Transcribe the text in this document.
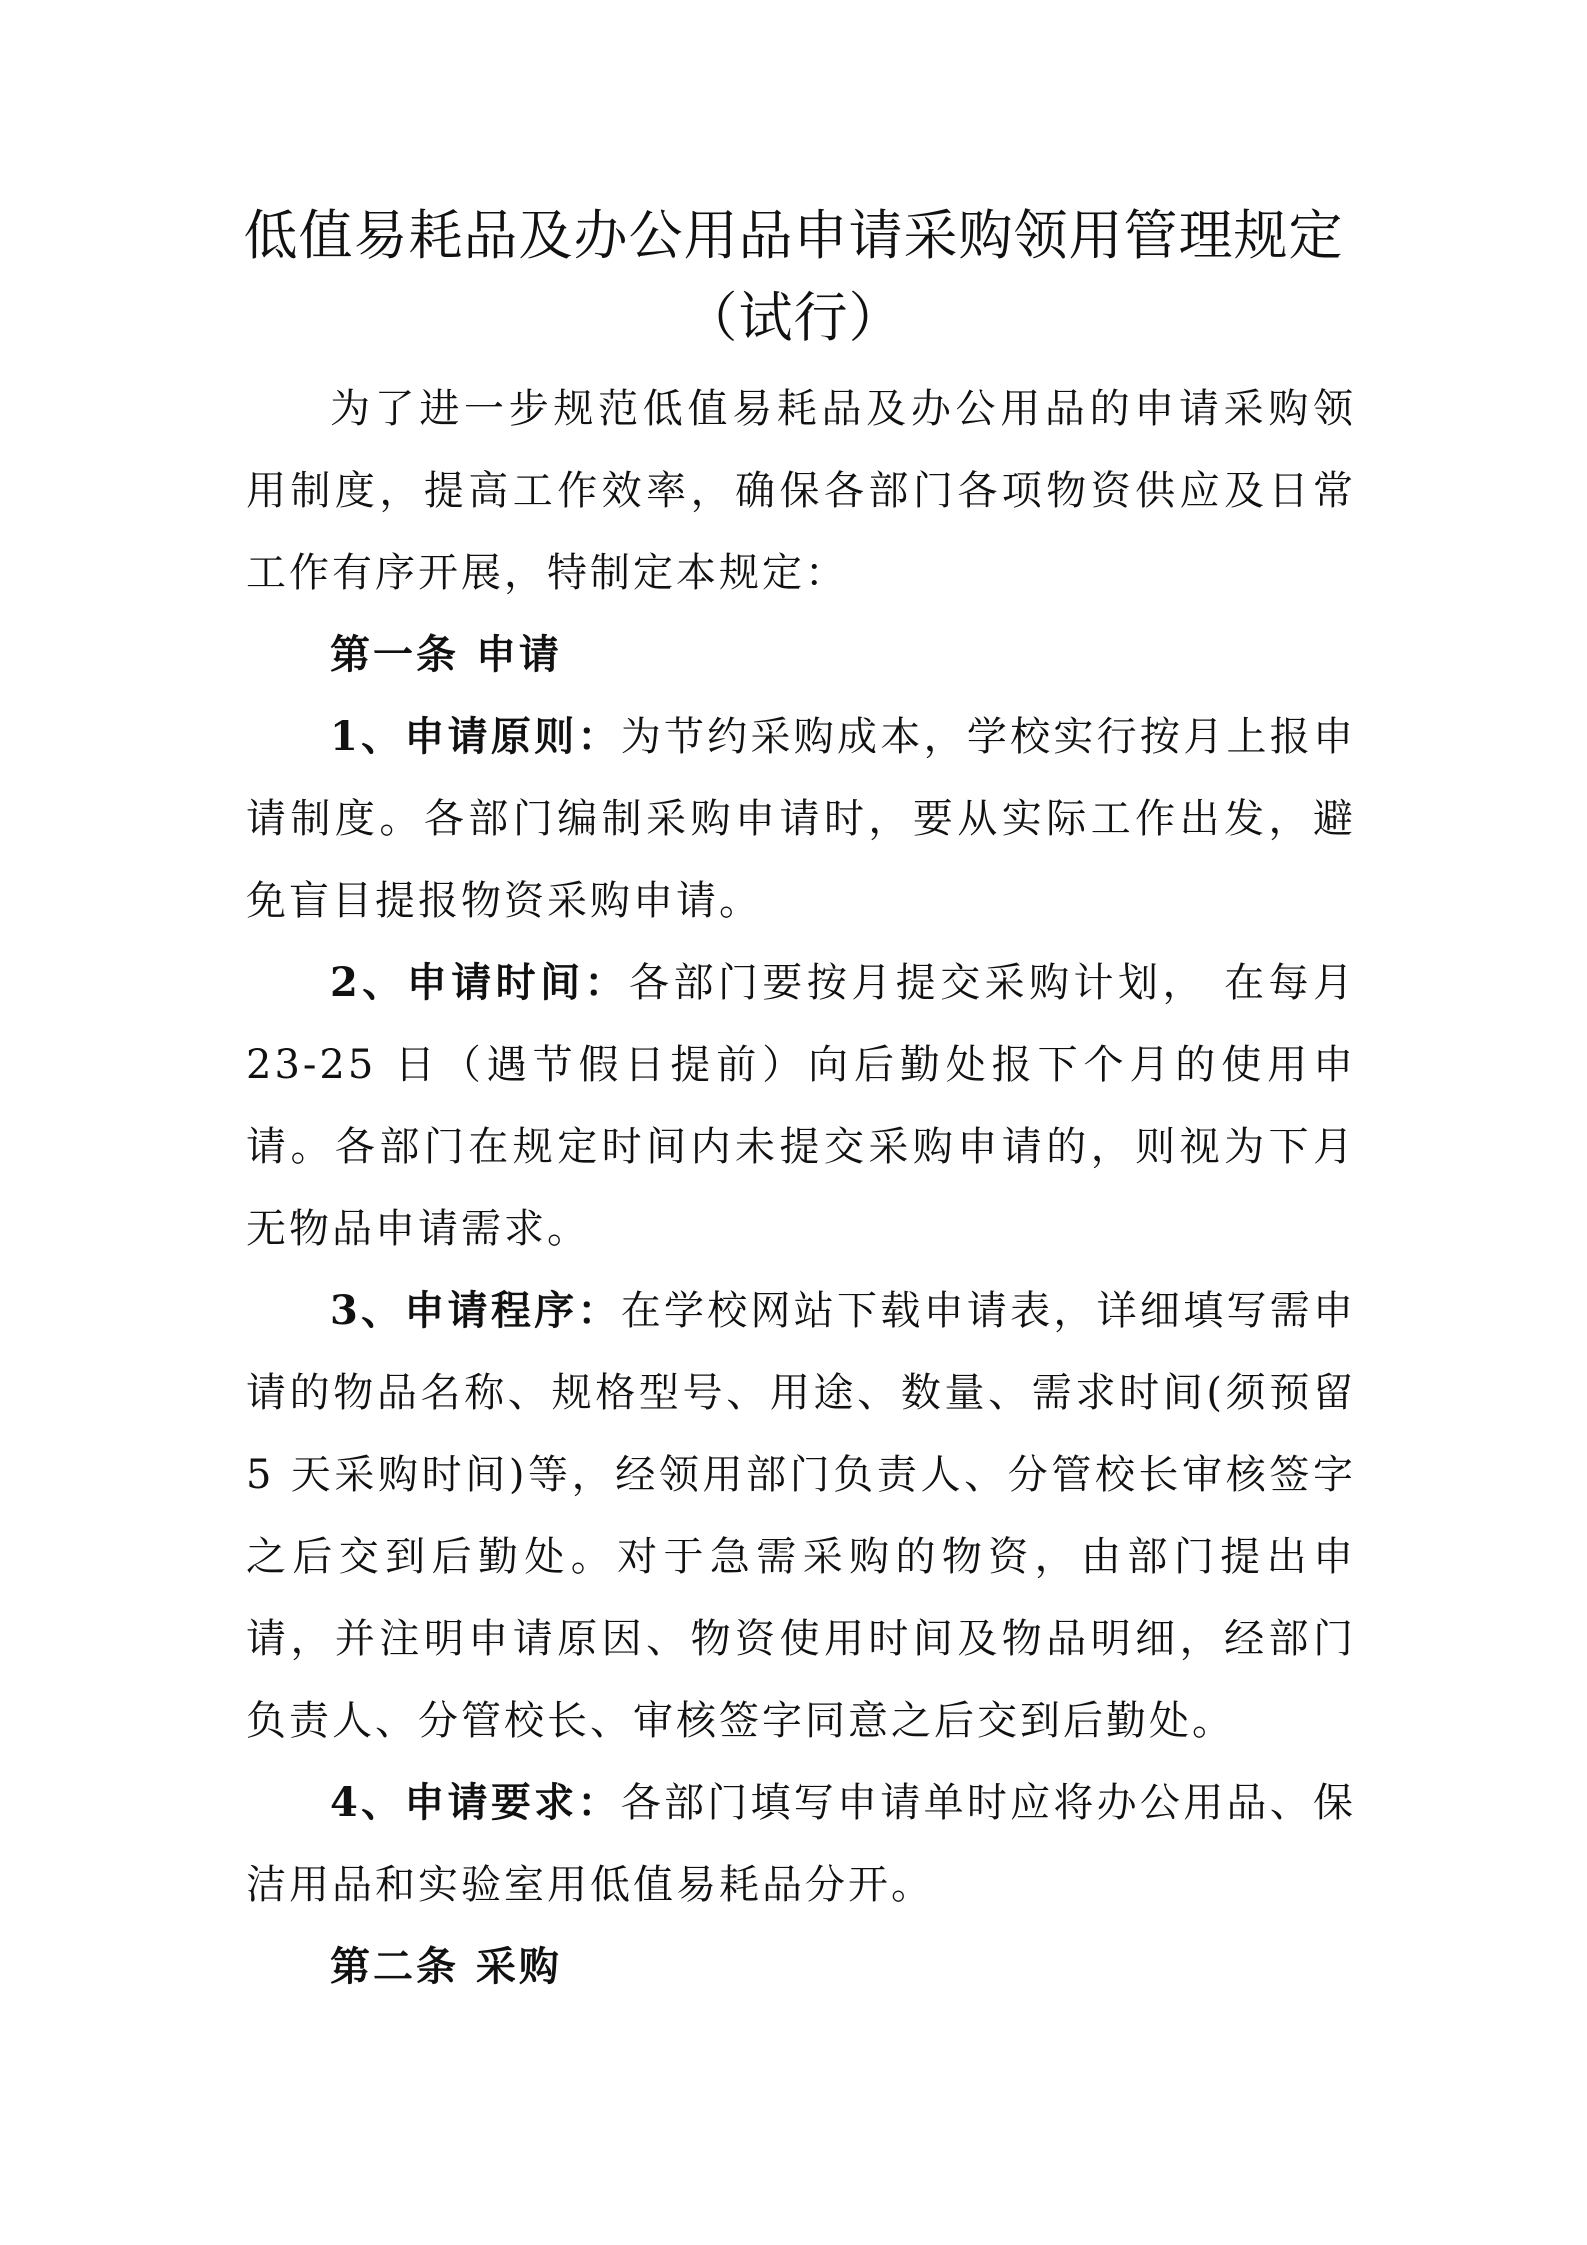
低值易耗品及办公用品申请采购领用管理规定
（试行）

为了进一步规范低值易耗品及办公用品的申请采购领用制度，提高工作效率，确保各部门各项物资供应及日常工作有序开展，特制定本规定：

第一条 申请

1、申请原则：为节约采购成本，学校实行按月上报申请制度。各部门编制采购申请时，要从实际工作出发，避免盲目提报物资采购申请。

2、申请时间：各部门要按月提交采购计划， 在每月 23-25 日（遇节假日提前）向后勤处报下个月的使用申请。各部门在规定时间内未提交采购申请的，则视为下月无物品申请需求。

3、申请程序：在学校网站下载申请表，详细填写需申请的物品名称、规格型号、用途、数量、需求时间(须预留 5 天采购时间)等，经领用部门负责人、分管校长审核签字之后交到后勤处。对于急需采购的物资，由部门提出申请，并注明申请原因、物资使用时间及物品明细，经部门负责人、分管校长、审核签字同意之后交到后勤处。

4、申请要求：各部门填写申请单时应将办公用品、保洁用品和实验室用低值易耗品分开。

第二条 采购
